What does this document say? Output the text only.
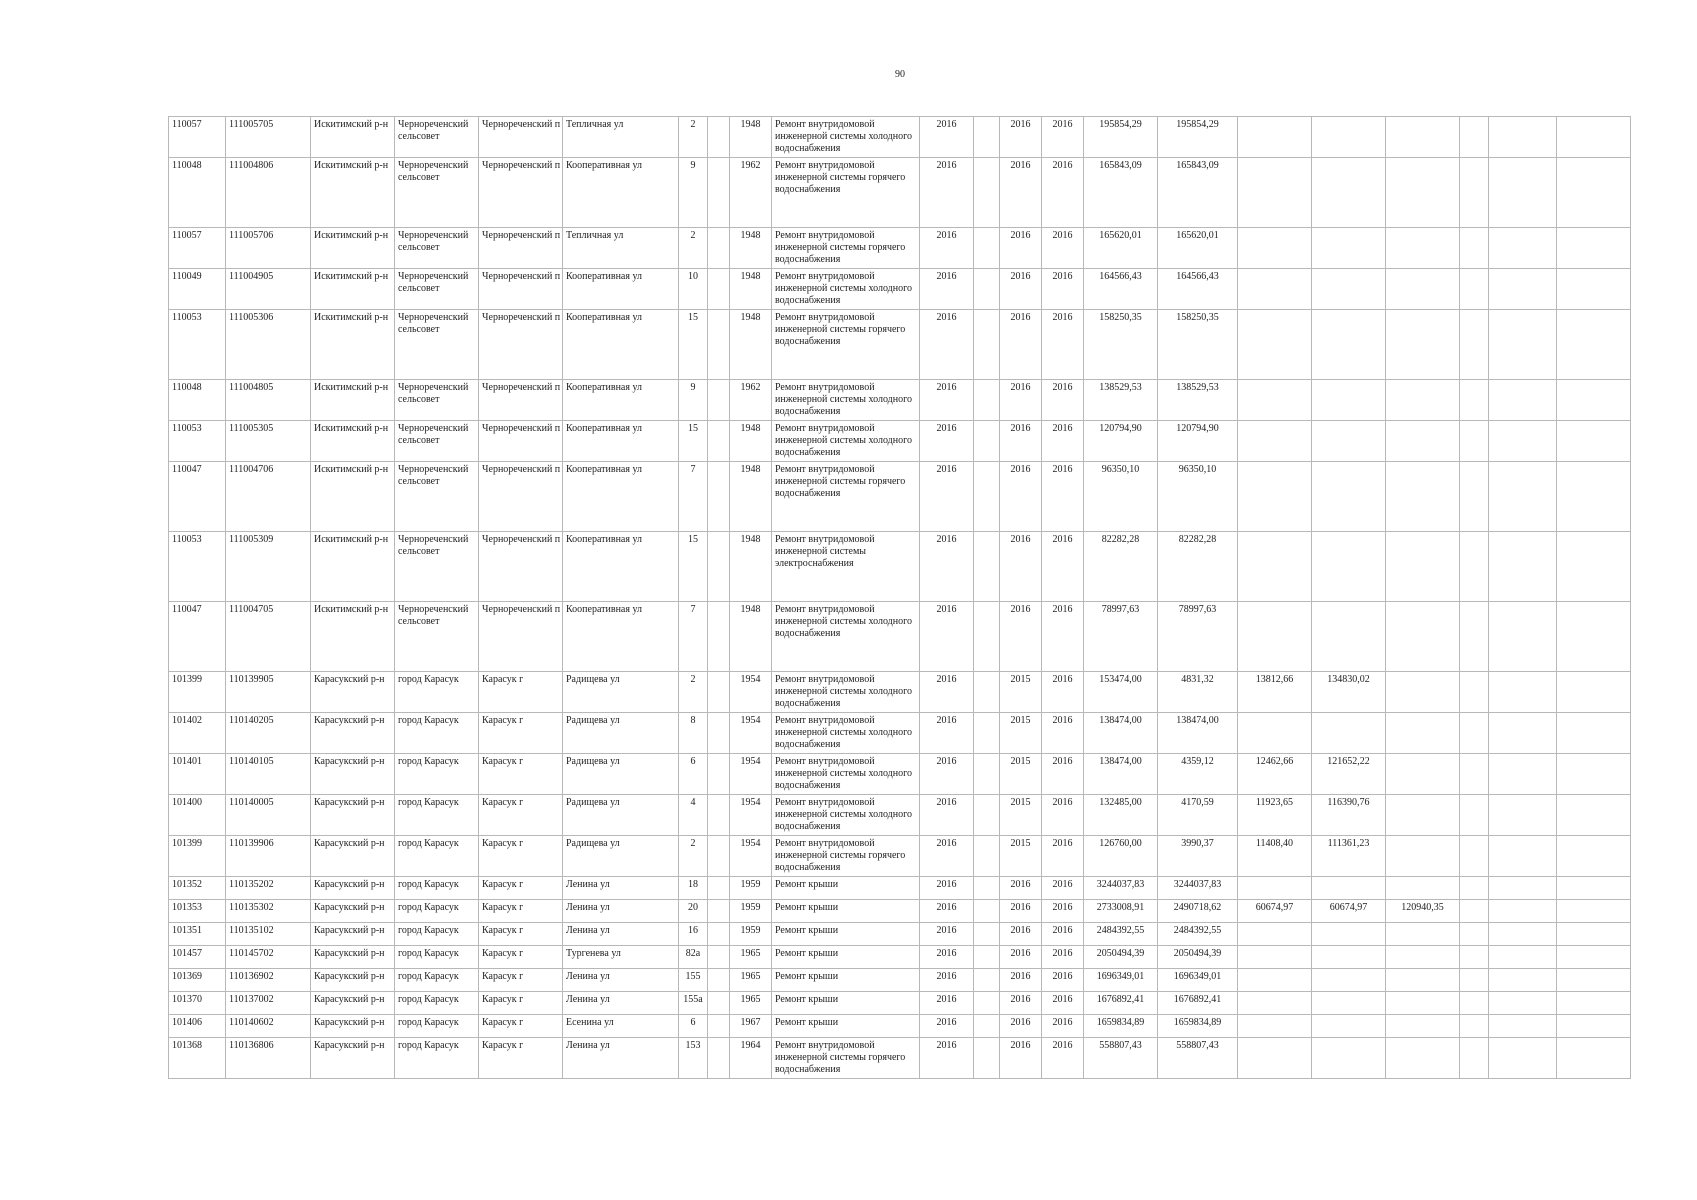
90
110057	111005705	Искитимский р-н	Чернореченский сельсовет	Чернореченский п	Тепличная ул	2		1948	Ремонт внутридомовой инженерной системы холодного водоснабжения	2016		2016	2016	195854,29	195854,29						
110048	111004806	Искитимский р-н	Чернореченский сельсовет	Чернореченский п	Кооперативная ул	9		1962	Ремонт внутридомовой инженерной системы горячего водоснабжения	2016		2016	2016	165843,09	165843,09						
110057	111005706	Искитимский р-н	Чернореченский сельсовет	Чернореченский п	Тепличная ул	2		1948	Ремонт внутридомовой инженерной системы горячего водоснабжения	2016		2016	2016	165620,01	165620,01						
110049	111004905	Искитимский р-н	Чернореченский сельсовет	Чернореченский п	Кооперативная ул	10		1948	Ремонт внутридомовой инженерной системы холодного водоснабжения	2016		2016	2016	164566,43	164566,43						
110053	111005306	Искитимский р-н	Чернореченский сельсовет	Чернореченский п	Кооперативная ул	15		1948	Ремонт внутридомовой инженерной системы горячего водоснабжения	2016		2016	2016	158250,35	158250,35						
110048	111004805	Искитимский р-н	Чернореченский сельсовет	Чернореченский п	Кооперативная ул	9		1962	Ремонт внутридомовой инженерной системы холодного водоснабжения	2016		2016	2016	138529,53	138529,53						
110053	111005305	Искитимский р-н	Чернореченский сельсовет	Чернореченский п	Кооперативная ул	15		1948	Ремонт внутридомовой инженерной системы холодного водоснабжения	2016		2016	2016	120794,90	120794,90						
110047	111004706	Искитимский р-н	Чернореченский сельсовет	Чернореченский п	Кооперативная ул	7		1948	Ремонт внутридомовой инженерной системы горячего водоснабжения	2016		2016	2016	96350,10	96350,10						
110053	111005309	Искитимский р-н	Чернореченский сельсовет	Чернореченский п	Кооперативная ул	15		1948	Ремонт внутридомовой инженерной системы электроснабжения	2016		2016	2016	82282,28	82282,28						
110047	111004705	Искитимский р-н	Чернореченский сельсовет	Чернореченский п	Кооперативная ул	7		1948	Ремонт внутридомовой инженерной системы холодного водоснабжения	2016		2016	2016	78997,63	78997,63						
101399	110139905	Карасукский р-н	город Карасук	Карасук г	Радищева ул	2		1954	Ремонт внутридомовой инженерной системы холодного водоснабжения	2016		2015	2016	153474,00	4831,32	13812,66	134830,02				
101402	110140205	Карасукский р-н	город Карасук	Карасук г	Радищева ул	8		1954	Ремонт внутридомовой инженерной системы холодного водоснабжения	2016		2015	2016	138474,00	138474,00						
101401	110140105	Карасукский р-н	город Карасук	Карасук г	Радищева ул	6		1954	Ремонт внутридомовой инженерной системы холодного водоснабжения	2016		2015	2016	138474,00	4359,12	12462,66	121652,22				
101400	110140005	Карасукский р-н	город Карасук	Карасук г	Радищева ул	4		1954	Ремонт внутридомовой инженерной системы холодного водоснабжения	2016		2015	2016	132485,00	4170,59	11923,65	116390,76				
101399	110139906	Карасукский р-н	город Карасук	Карасук г	Радищева ул	2		1954	Ремонт внутридомовой инженерной системы горячего водоснабжения	2016		2015	2016	126760,00	3990,37	11408,40	111361,23				
101352	110135202	Карасукский р-н	город Карасук	Карасук г	Ленина ул	18		1959	Ремонт крыши	2016		2016	2016	3244037,83	3244037,83						
101353	110135302	Карасукский р-н	город Карасук	Карасук г	Ленина ул	20		1959	Ремонт крыши	2016		2016	2016	2733008,91	2490718,62	60674,97	60674,97	120940,35			
101351	110135102	Карасукский р-н	город Карасук	Карасук г	Ленина ул	16		1959	Ремонт крыши	2016		2016	2016	2484392,55	2484392,55						
101457	110145702	Карасукский р-н	город Карасук	Карасук г	Тургенева ул	82а		1965	Ремонт крыши	2016		2016	2016	2050494,39	2050494,39						
101369	110136902	Карасукский р-н	город Карасук	Карасук г	Ленина ул	155		1965	Ремонт крыши	2016		2016	2016	1696349,01	1696349,01						
101370	110137002	Карасукский р-н	город Карасук	Карасук г	Ленина ул	155а		1965	Ремонт крыши	2016		2016	2016	1676892,41	1676892,41						
101406	110140602	Карасукский р-н	город Карасук	Карасук г	Есенина ул	6		1967	Ремонт крыши	2016		2016	2016	1659834,89	1659834,89						
101368	110136806	Карасукский р-н	город Карасук	Карасук г	Ленина ул	153		1964	Ремонт внутридомовой инженерной системы горячего водоснабжения	2016		2016	2016	558807,43	558807,43						
